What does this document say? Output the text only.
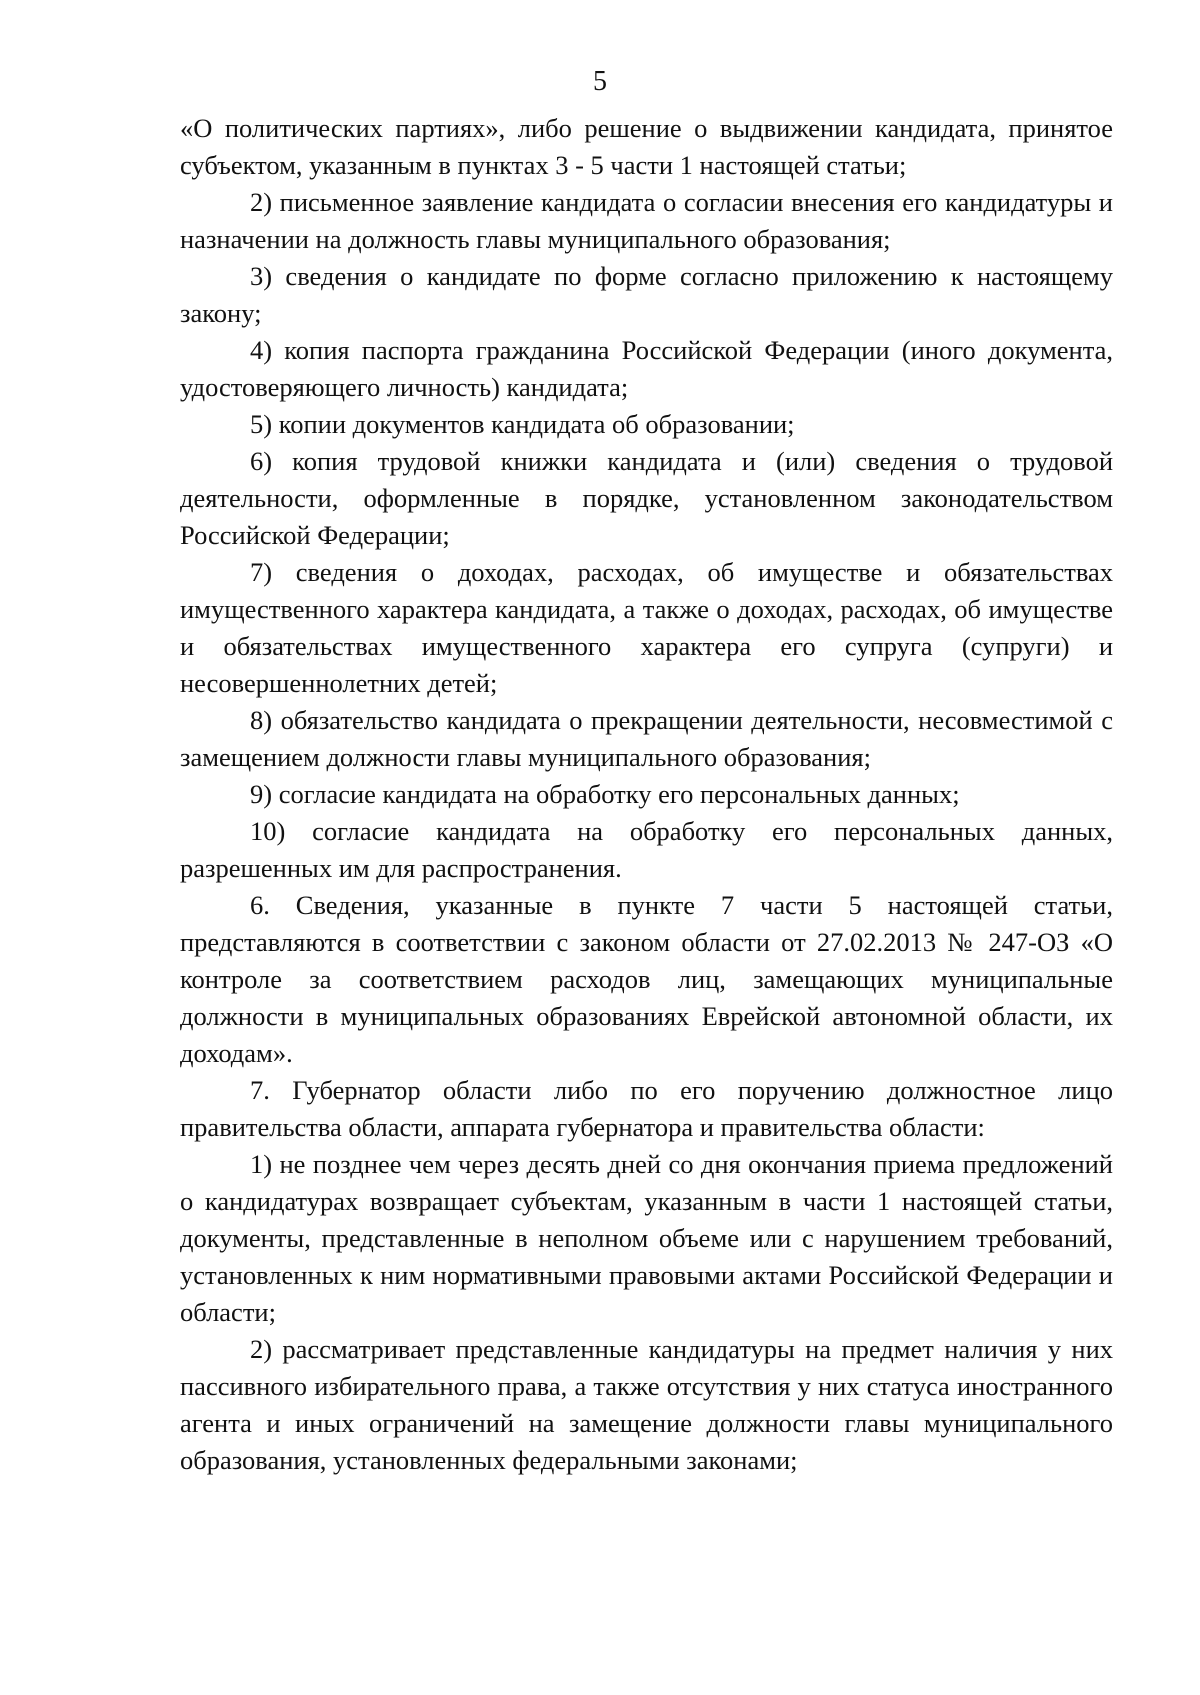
5

«О политических партиях», либо решение о выдвижении кандидата, принятое субъектом, указанным в пунктах 3 - 5 части 1 настоящей статьи;

2) письменное заявление кандидата о согласии внесения его кандидатуры и назначении на должность главы муниципального образования;

3) сведения о кандидате по форме согласно приложению к настоящему закону;

4) копия паспорта гражданина Российской Федерации (иного документа, удостоверяющего личность) кандидата;

5) копии документов кандидата об образовании;

6) копия трудовой книжки кандидата и (или) сведения о трудовой деятельности, оформленные в порядке, установленном законодательством Российской Федерации;

7) сведения о доходах, расходах, об имуществе и обязательствах имущественного характера кандидата, а также о доходах, расходах, об имуществе и обязательствах имущественного характера его супруга (супруги) и несовершеннолетних детей;

8) обязательство кандидата о прекращении деятельности, несовместимой с замещением должности главы муниципального образования;

9) согласие кандидата на обработку его персональных данных;

10) согласие кандидата на обработку его персональных данных, разрешенных им для распространения.

6. Сведения, указанные в пункте 7 части 5 настоящей статьи, представляются в соответствии с законом области от 27.02.2013 № 247-ОЗ «О контроле за соответствием расходов лиц, замещающих муниципальные должности в муниципальных образованиях Еврейской автономной области, их доходам».

7. Губернатор области либо по его поручению должностное лицо правительства области, аппарата губернатора и правительства области:

1) не позднее чем через десять дней со дня окончания приема предложений о кандидатурах возвращает субъектам, указанным в части 1 настоящей статьи, документы, представленные в неполном объеме или с нарушением требований, установленных к ним нормативными правовыми актами Российской Федерации и области;

2) рассматривает представленные кандидатуры на предмет наличия у них пассивного избирательного права, а также отсутствия у них статуса иностранного агента и иных ограничений на замещение должности главы муниципального образования, установленных федеральными законами;
